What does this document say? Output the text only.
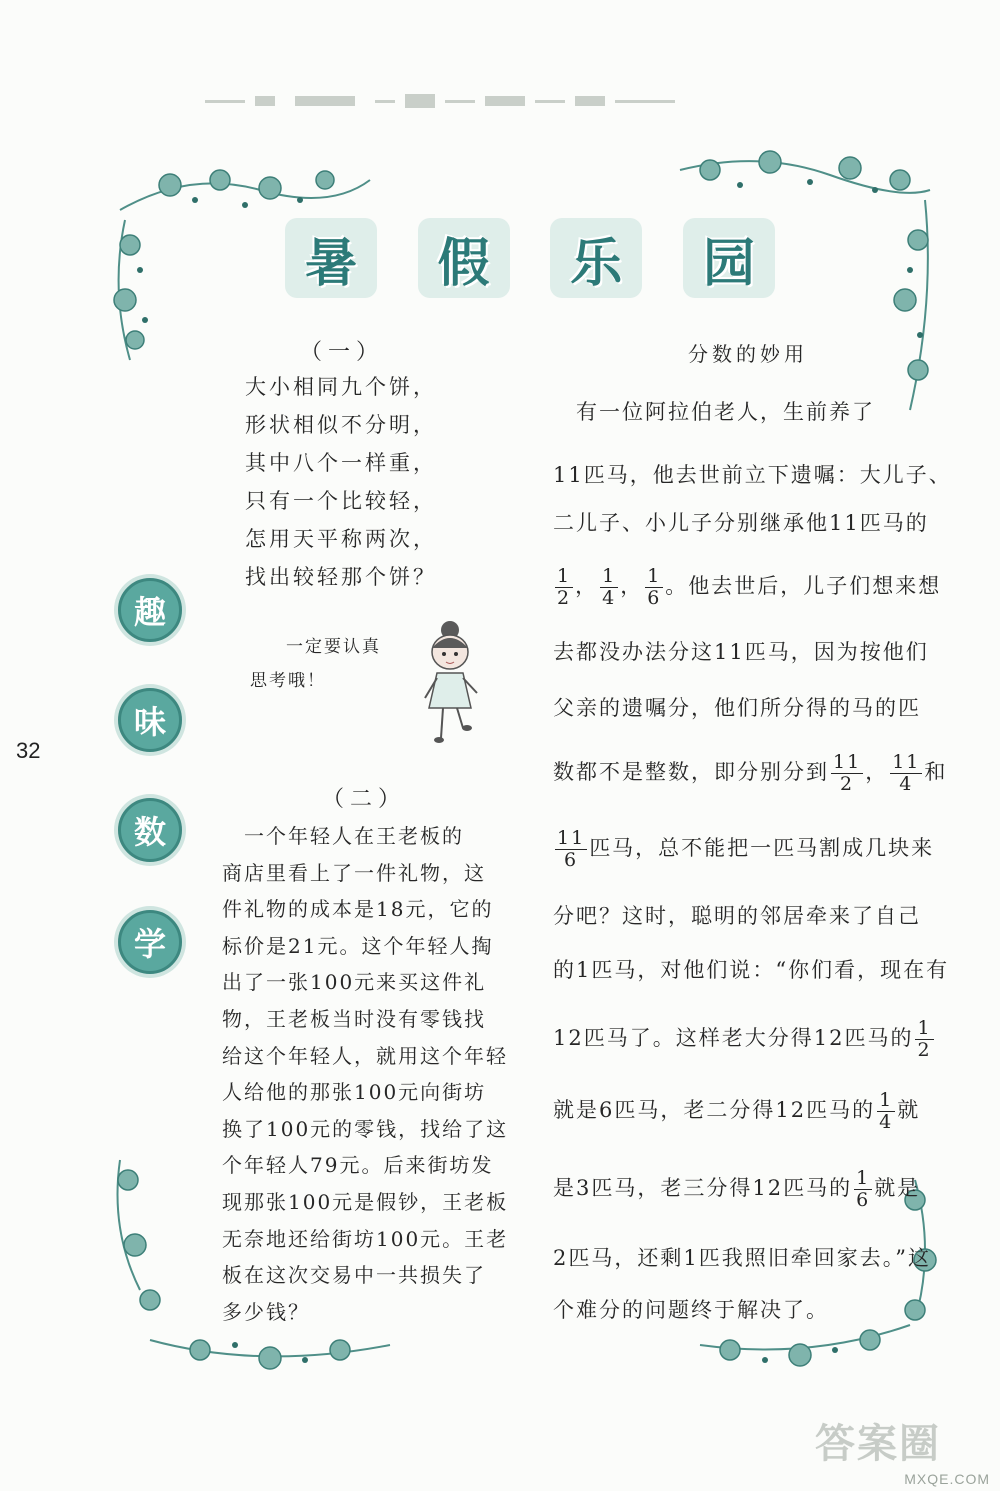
暑	假	乐	园
趣
味
数
学
32
（一）
大小相同九个饼，
形状相似不分明，
其中八个一样重，
只有一个比较轻，
怎用天平称两次，
找出较轻那个饼？
一定要认真
思考哦！
（二）
　一个年轻人在王老板的
商店里看上了一件礼物，这
件礼物的成本是18元，它的
标价是21元。这个年轻人掏
出了一张100元来买这件礼
物，王老板当时没有零钱找
给这个年轻人，就用这个年轻
人给他的那张100元向街坊
换了100元的零钱，找给了这
个年轻人79元。后来街坊发
现那张100元是假钞，王老板
无奈地还给街坊100元。王老
板在这次交易中一共损失了
多少钱？
分数的妙用
　有一位阿拉伯老人，生前养了
11匹马，他去世前立下遗嘱：大儿子、
二儿子、小儿子分别继承他11匹马的
$\frac{1}{2}$ ， $\frac{1}{4}$ ， $\frac{1}{6}$ 。他去世后，儿子们想来想
去都没办法分这11匹马，因为按他们
父亲的遗嘱分，他们所分得的马的匹
数都不是整数，即分别分到 $\frac{11}{2}$ ， $\frac{11}{4}$ 和
$\frac{11}{6}$ 匹马，总不能把一匹马割成几块来
分吧？这时，聪明的邻居牵来了自己
的1匹马，对他们说：“你们看，现在有
12匹马了。这样老大分得12匹马的 $\frac{1}{2}$
就是6匹马，老二分得12匹马的 $\frac{1}{4}$ 就
是3匹马，老三分得12匹马的 $\frac{1}{6}$ 就是
2匹马，还剩1匹我照旧牵回家去。”这
个难分的问题终于解决了。
答案圈
MXQE.COM
